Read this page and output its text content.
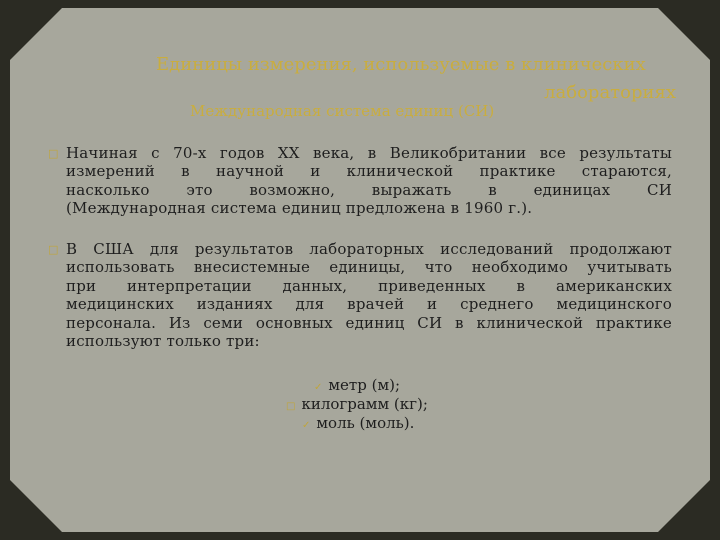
Единицы измерения, используемые в клинических
лабораториях
Международная система единиц (СИ)
□ Начиная с 70-х годов XX века, в Великобритании все результаты
измерений в научной и клинической практике стараются,
насколько это возможно, выражать в единицах СИ
(Международная система единиц предложена в 1960 г.).
□ В США для результатов лабораторных исследований продолжают
использовать внесистемные единицы, что необходимо учитывать
при интерпретации данных, приведенных в американских
медицинских изданиях для врачей и среднего медицинского
персонала. Из семи основных единиц СИ в клинической практике
используют только три:
✓ метр (м);
□ килограмм (кг);
✓ моль (моль).
